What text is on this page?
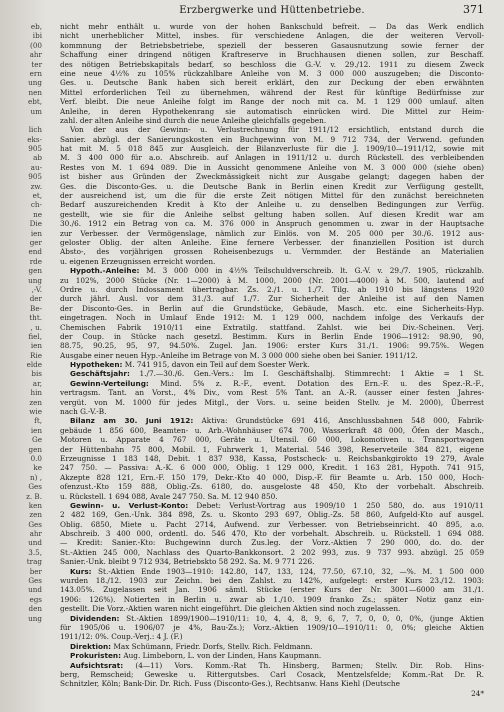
eb,
ibi
(00
ahr
ter
ern
ung
nen
ebt,
um
lich
eks-
905
ab
au-
905
zw.
et,
ch-
ne
Die
ien
ger
end
rde
gen
ung
,-V.
der
Be-
tht.
, u.
fiel,
ien
Rie
elde
bis
ar,
hin
zen
wie
ft,
ien
Ge
gen
0.0
ke
n) ,
Ges
z. B.
ken
zen
Ges
ahr
und
3.5,
trag
ber
Ges
und
egs
den
ung
Erzbergwerke und Hüttenbetriebe.	371
nicht mehr enthält u. wurde von der hohen Bankschuld befreit. — Da das Werk endlich
nicht unerheblicher Mittel, insbes. für verschiedene Anlagen, die der weiteren Vervoll-
kommnung der Betriebsbetriebe, speziell der besseren Gasausnutzung sowie ferner der
Schaffung einer dringend nötigen Kraftreserve in Bruchhausen dienen sollen, zur Beschaff.
des nötigen Betriebskapitals bedarf, so beschloss die G.-V. v. 29./12. 1911 zu diesem Zweck
eine neue 4½% zu 105% rückzahlbare Anleihe von M. 3 000 000 auszugeben; die Disconto-
Ges. u. Deutsche Bank haben sich bereit erklärt, den zur Deckung der eben erwähnten
Mittel erforderlichen Teil zu übernehmen, während der Rest für künftige Bedürfnisse zur
Verf. bleibt. Die neue Anleihe folgt im Range der noch mit ca. M. 1 129 000 umlauf. alten
Anleihe, in deren Hypothekenrang sie automatisch einrücken wird. Die Mittel zur Heim-
zahl. der alten Anleihe sind durch die neue Anleihe gleichfalls gegeben.
Von der aus der Gewinn- u. Verlustrechnung für 1911/12 ersichtlich, entstand durch die
Sanier. abzügl. der Sanierungskosten ein Buchgewinn von M. 9 712 734, der Verwend. gefunden
hat mit M. 5 018 845 zur Ausgleich. der Bilanzverluste für die J. 1909/10—1911/12, sowie mit
M. 3 400 000 für a.o. Abschreib. auf Anlagen in 1911/12 u. durch Rückstell. des verbleibenden
Restes von M. 1 694 089. Die in Aussicht genommene Anleihe von M. 3 000 000 (siehe oben)
ist bisher aus Gründen der Zweckmässigkeit nicht zur Ausgabe gelangt; dagegen haben der
Ges. die Disconto-Ges. u. die Deutsche Bank in Berlin einen Kredit zur Verfügung gestellt,
der ausreichend ist, um die für die erste Zeit nötigen Mittel für den zunächst bereichneten
Bedarf auszureichenden Kredit à Kto der Anleihe u. zu denselben Bedingungen zur Verfüg.
gestellt, wie sie für die Anleihe selbst geltung haben sollen. Auf diesen Kredit war am
30./6. 1912 ein Betrag von ca. M. 376 000 in Anspruch genommen u. zwar in der Hauptsache
zur Verbesser. der Vermögenslage, nämlich zur Einlös. von M. 205 000 per 30./6. 1912 aus-
geloster Oblig. der alten Anleihe. Eine fernere Verbesser. der finanziellen Position ist durch
Absto-, des vorjährigen grossen Roheisenbezugs u. Vermmder. der Bestände an Materialien
u. eigenen Erzeugnissen erreicht worden.
Hypoth.-Anleihe: M. 3 000 000 in 4½% Teilschuldverschreib. lt. G.-V. v. 29./7. 1905, rückzahlb.
zu 102%, 2000 Stücke (Nr. 1—2000) à M. 1000, 2000 (Nr. 2001—4000) à M. 500, lautend auf
Ordre u. durch Indossament übertragbar. Zs. 2./1. u. 1./7. Tilg. ab 1910 bis längstens 1920
durch jährl. Ausl. vor dem 31./3. auf 1./7. Zur Sicherheit der Anleihe ist auf den Namen
der Disconto-Ges. in Berlin auf die Grundstücke, Gebäude, Masch. etc. eine Sicherheits-Hyp.
eingetragen. Noch in Umlauf Ende 1912: M. 1 129 000, nachdem infolge des Verkaufs der
Chemischen Fabrik 1910/11 eine Extratilg. stattfand. Zahlst. wie bei Div.-Scheinen. Verj.
der Coup. in Stücke nach gesetzl. Bestimm. Kurs in Berlin Ende 1906—1912: 98.90, 90,
88.75, 90.25, 95, 97, 94.50%. Zugel. Jan. 1906: erster Kurs 31./1. 1906: 99.75%. Wegen
Ausgabe einer neuen Hyp.-Anleihe im Betrage von M. 3 000 000 siehe oben bei Sanier. 1911/12.
Hypotheken: M. 741 915, davon ein Teil auf dem Soester Werk.
Geschäftsjahr: 1./7.—30./6. Gen.-Vers.: Im I. Geschäftshalbj. Stimmrecht: 1 Aktie = 1 St.
Gewinn-Verteilung: Mind. 5% z. R.-F., event. Dotation des Ern.-F. u. des Spez.-R.-F.,
vertragsm. Tant. an Vorst., 4% Div., vom Rest 5% Tant. an A.-R. (ausser einer festen Jahres-
vergüt. von M. 1000 für jedes Mitgl., der Vors. u. seine beiden Stellv. je M. 2000), Überrest
nach G.-V.-B.
Bilanz am 30. Juni 1912: Aktiva: Grundstücke 691 416, Anschlussbahnen 548 000, Fabrik-
gebäude 1 856 600, Beamten- u. Arb.-Wohnhäuser 674 700, Wasserkraft 48 000, Öfen der Masch.,
Motoren u. Apparate 4 767 000, Geräte u. Utensil. 60 000, Lokomotiven u. Transportwagen
der Hüttenbahn 75 800, Mobil. 1, Fuhrwerk 1, Material. 546 398, Reserveteile 384 821, eigene
Erzeugnisse 1 183 148, Debit. 1 837 938, Kassa, Postscheck- u. Reichsbankgirokto 19 279, Avale
247 750. — Passiva: A.-K. 6 000 000, Oblig. 1 129 000, Kredit. 1 163 281, Hypoth. 741 915,
Akzepte 828 121, Ern.-F. 150 179, Dekr.-Kto 40 000, Disp.-F. für Beamte u. Arb. 150 000, Hoch-
ofenzust.-Kto 159 888, Oblig.-Zs. 6180, do. ausgeloste 48 450, Kto der vorbehalt. Abschreib.
u. Rückstell. 1 694 088, Avale 247 750. Sa. M. 12 940 850.
Gewinn- u. Verlust-Konto: Debet: Verlust-Vortrag aus 1909/10 1 250 580, do. aus 1910/11
2 482 169, Gen.-Unk. 384 898, Zs. u. Skonto 293 697, Oblig.-Zs. 58 860, Aufgeld-Kto auf ausgel.
Oblig. 6850, Miete u. Pacht 2714, Aufwend. zur Verbesser. von Betriebseinricht. 40 895, a.o.
Abschreib. 3 400 000, ordentl. do. 546 470, Kto der vorbehalt. Abschreib. u. Rückstell. 1 694 088.
— Kredit: Sanier.-Kto: Buchgewinn durch Zus.leg. der Vorz.-Aktien 7 290 000, do. do. der
St.-Aktien 245 000, Nachlass des Quarto-Bankkonsort. 2 202 993, zus. 9 737 993. abzügl. 25 059
Sanier.-Unk. bleibt 9 712 934, Betriebskto 58 292. Sa. M. 9 771 226.
Kurs: St.-Aktien Ende 1903—1910: 142.80, 147, 133, 124, 77.50, 67.10, 32, —%. M. 1 500 000
wurden 18./12. 1903 zur Zeichn. bei den Zahlst. zu 142%, aufgelegt: erster Kurs 23./12. 1903:
143.05%. Zugelassen seit Jan. 1906 sämtl. Stücke (erster Kurs der Nr. 3001—6000 am 31./1.
1906: 126%). Notierten in Berlin u. zwar ab 1./10. 1909 franko Zs.; später Notiz ganz ein-
gestellt. Die Vorz.-Aktien waren nicht eingeführt. Die gleichen Aktien sind noch zugelassen.
Dividenden: St.-Aktien 1899/1900—1910/11: 10, 4, 4, 8, 9, 6, 7, 7, 0, 0, 0, 0%, (junge Aktien
für 1905/06 u. 1906/07 je 4%, Bau-Zs.); Vorz.-Aktien 1909/10—1910/11: 0, 0%; gleiche Aktien
1911/12: 0%. Coup.-Verj.: 4 J. (F.)
Direktion: Max Schümann, Friedr. Dorfs, Stellv. Rich. Feldmann.
Prokuristen: Aug. Limbeborn, L. von der Linden, Hans Kaupmann.
Aufsichtsrat: (4—11) Vors. Komm.-Rat Th. Hinsberg, Barmen; Stellv. Dir. Rob. Hins-
berg, Remscheid; Geweske u. Rittergutsbes. Carl Cosack, Mentzelsfelde; Komm.-Rat Dr. R.
Schnitzler, Köln; Bank-Dir. Dr. Rich. Fuss (Disconto-Ges.), Rechtsanw. Hans Kiehl (Deutsche
24*
